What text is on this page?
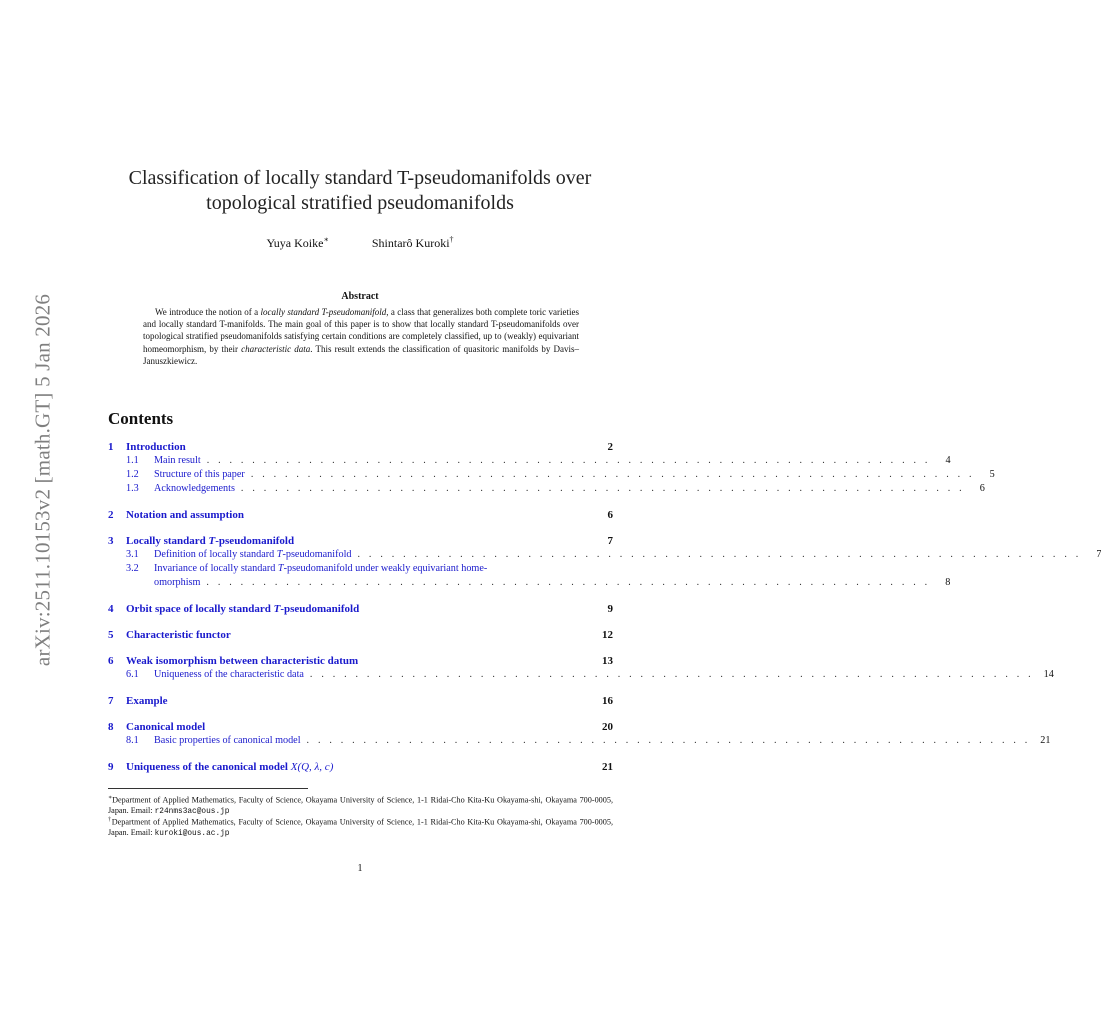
arXiv:2511.10153v2 [math.GT] 5 Jan 2026
Classification of locally standard T-pseudomanifolds over
topological stratified pseudomanifolds
Yuya Koike∗	Shintarô Kuroki†
Abstract
We introduce the notion of a locally standard T-pseudomanifold, a class that generalizes both complete toric varieties and locally standard T-manifolds. The main goal of this paper is to show that locally standard T-pseudomanifolds over topological stratified pseudomanifolds satisfying certain conditions are completely classified, up to (weakly) equivariant homeomorphism, by their characteristic data. This result extends the classification of quasitoric manifolds by Davis–Januszkiewicz.
Contents
1	Introduction	2
1.1	Main result . . . . . . . . . . . . . . . . . . . . . . . . . . . . . . . . . . . . . . . . . . . . . . . . . . . . . . . . . . . . . . . .	4
1.2	Structure of this paper . . . . . . . . . . . . . . . . . . . . . . . . . . . . . . . . . . . . . . . . . . . . . . . . . . . . . . . . . . . . . . . .	5
1.3	Acknowledgements . . . . . . . . . . . . . . . . . . . . . . . . . . . . . . . . . . . . . . . . . . . . . . . . . . . . . . . . . . . . . . . .	6
2	Notation and assumption	6
3	Locally standard T-pseudomanifold	7
3.1	Definition of locally standard T-pseudomanifold . . . . . . . . . . . . . . . . . . . . . . . . . . . . . . . . . . . . . . . . . . . . . . . . . . . . . . . . . . . . . . . .	7
3.2	Invariance of locally standard T-pseudomanifold under weakly equivariant home-
omorphism . . . . . . . . . . . . . . . . . . . . . . . . . . . . . . . . . . . . . . . . . . . . . . . . . . . . . . . . . . . . . . . .	8
4	Orbit space of locally standard T-pseudomanifold	9
5	Characteristic functor	12
6	Weak isomorphism between characteristic datum	13
6.1	Uniqueness of the characteristic data . . . . . . . . . . . . . . . . . . . . . . . . . . . . . . . . . . . . . . . . . . . . . . . . . . . . . . . . . . . . . . . . 14
7	Example	16
8	Canonical model	20
8.1	Basic properties of canonical model . . . . . . . . . . . . . . . . . . . . . . . . . . . . . . . . . . . . . . . . . . . . . . . . . . . . . . . . . . . . . . . . 21
9	Uniqueness of the canonical model X(Q, λ, c)	21
∗Department of Applied Mathematics, Faculty of Science, Okayama University of Science, 1-1 Ridai-Cho Kita-Ku Okayama-shi, Okayama 700-0005, Japan. Email: r24nms3ac@ous.jp
†Department of Applied Mathematics, Faculty of Science, Okayama University of Science, 1-1 Ridai-Cho Kita-Ku Okayama-shi, Okayama 700-0005, Japan. Email: kuroki@ous.ac.jp
1
